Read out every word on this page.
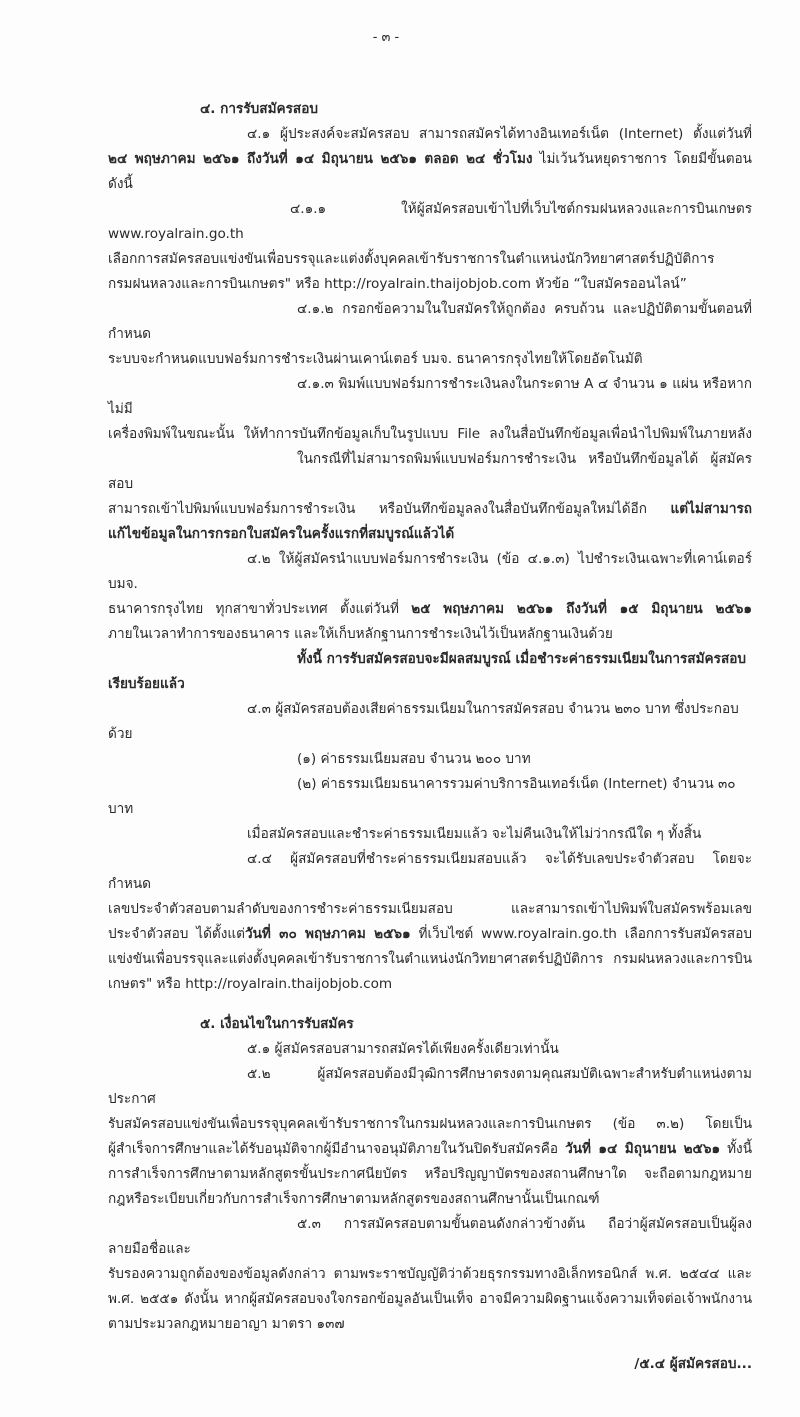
- ๓ -
๔. การรับสมัครสอบ
๔.๑ ผู้ประสงค์จะสมัครสอบ สามารถสมัครได้ทางอินเทอร์เน็ต (Internet) ตั้งแต่วันที่
๒๔ พฤษภาคม ๒๕๖๑ ถึงวันที่ ๑๔ มิถุนายน ๒๕๖๑ ตลอด ๒๔ ชั่วโมง ไม่เว้นวันหยุดราชการ โดยมีขั้นตอน
ดังนี้
๔.๑.๑ ให้ผู้สมัครสอบเข้าไปที่เว็บไซต์กรมฝนหลวงและการบินเกษตร www.royalrain.go.th
เลือกการสมัครสอบแข่งขันเพื่อบรรจุและแต่งตั้งบุคคลเข้ารับราชการในตำแหน่งนักวิทยาศาสตร์ปฏิบัติการ
กรมฝนหลวงและการบินเกษตร" หรือ http://royalrain.thaijobjob.com หัวข้อ “ใบสมัครออนไลน์”
๔.๑.๒ กรอกข้อความในใบสมัครให้ถูกต้อง ครบถ้วน และปฏิบัติตามขั้นตอนที่กำหนด
ระบบจะกำหนดแบบฟอร์มการชำระเงินผ่านเคาน์เตอร์ บมจ. ธนาคารกรุงไทยให้โดยอัตโนมัติ
๔.๑.๓ พิมพ์แบบฟอร์มการชำระเงินลงในกระดาษ A ๔ จำนวน ๑ แผ่น หรือหากไม่มี
เครื่องพิมพ์ในขณะนั้น ให้ทำการบันทึกข้อมูลเก็บในรูปแบบ File ลงในสื่อบันทึกข้อมูลเพื่อนำไปพิมพ์ในภายหลัง
ในกรณีที่ไม่สามารถพิมพ์แบบฟอร์มการชำระเงิน หรือบันทึกข้อมูลได้ ผู้สมัครสอบ
สามารถเข้าไปพิมพ์แบบฟอร์มการชำระเงิน หรือบันทึกข้อมูลลงในสื่อบันทึกข้อมูลใหม่ได้อีก แต่ไม่สามารถ
แก้ไขข้อมูลในการกรอกใบสมัครในครั้งแรกที่สมบูรณ์แล้วได้
๔.๒ ให้ผู้สมัครนำแบบฟอร์มการชำระเงิน (ข้อ ๔.๑.๓) ไปชำระเงินเฉพาะที่เคาน์เตอร์ บมจ.
ธนาคารกรุงไทย ทุกสาขาทั่วประเทศ ตั้งแต่วันที่ ๒๕ พฤษภาคม ๒๕๖๑ ถึงวันที่ ๑๕ มิถุนายน ๒๕๖๑
ภายในเวลาทำการของธนาคาร และให้เก็บหลักฐานการชำระเงินไว้เป็นหลักฐานเงินด้วย
ทั้งนี้ การรับสมัครสอบจะมีผลสมบูรณ์ เมื่อชำระค่าธรรมเนียมในการสมัครสอบเรียบร้อยแล้ว
๔.๓ ผู้สมัครสอบต้องเสียค่าธรรมเนียมในการสมัครสอบ จำนวน ๒๓๐ บาท ซึ่งประกอบด้วย
(๑) ค่าธรรมเนียมสอบ จำนวน ๒๐๐ บาท
(๒) ค่าธรรมเนียมธนาคารรวมค่าบริการอินเทอร์เน็ต (Internet) จำนวน ๓๐ บาท
เมื่อสมัครสอบและชำระค่าธรรมเนียมแล้ว จะไม่คืนเงินให้ไม่ว่ากรณีใด ๆ ทั้งสิ้น
๔.๔ ผู้สมัครสอบที่ชำระค่าธรรมเนียมสอบแล้ว จะได้รับเลขประจำตัวสอบ โดยจะกำหนด
เลขประจำตัวสอบตามลำดับของการชำระค่าธรรมเนียมสอบ และสามารถเข้าไปพิมพ์ใบสมัครพร้อมเลข
ประจำตัวสอบ ได้ตั้งแต่วันที่ ๓๐ พฤษภาคม ๒๕๖๑ ที่เว็บไซต์ www.royalrain.go.th เลือกการรับสมัครสอบ
แข่งขันเพื่อบรรจุและแต่งตั้งบุคคลเข้ารับราชการในตำแหน่งนักวิทยาศาสตร์ปฏิบัติการ กรมฝนหลวงและการบิน
เกษตร" หรือ http://royalrain.thaijobjob.com
๕. เงื่อนไขในการรับสมัคร
๕.๑ ผู้สมัครสอบสามารถสมัครได้เพียงครั้งเดียวเท่านั้น
๕.๒ ผู้สมัครสอบต้องมีวุฒิการศึกษาตรงตามคุณสมบัติเฉพาะสำหรับตำแหน่งตามประกาศ
รับสมัครสอบแข่งขันเพื่อบรรจุบุคคลเข้ารับราชการในกรมฝนหลวงและการบินเกษตร (ข้อ ๓.๒) โดยเป็น
ผู้สำเร็จการศึกษาและได้รับอนุมัติจากผู้มีอำนาจอนุมัติภายในวันปิดรับสมัครคือ วันที่ ๑๔ มิถุนายน ๒๕๖๑ ทั้งนี้
การสำเร็จการศึกษาตามหลักสูตรขั้นประกาศนียบัตร หรือปริญญาบัตรของสถานศึกษาใด จะถือตามกฎหมาย
กฎหรือระเบียบเกี่ยวกับการสำเร็จการศึกษาตามหลักสูตรของสถานศึกษานั้นเป็นเกณฑ์
๕.๓ การสมัครสอบตามขั้นตอนดังกล่าวข้างต้น ถือว่าผู้สมัครสอบเป็นผู้ลงลายมือชื่อและ
รับรองความถูกต้องของข้อมูลดังกล่าว ตามพระราชบัญญัติว่าด้วยธุรกรรมทางอิเล็กทรอนิกส์ พ.ศ. ๒๕๔๔ และ
พ.ศ. ๒๕๕๑ ดังนั้น หากผู้สมัครสอบจงใจกรอกข้อมูลอันเป็นเท็จ อาจมีความผิดฐานแจ้งความเท็จต่อเจ้าพนักงาน
ตามประมวลกฎหมายอาญา มาตรา ๑๓๗
/๕.๔ ผู้สมัครสอบ...
